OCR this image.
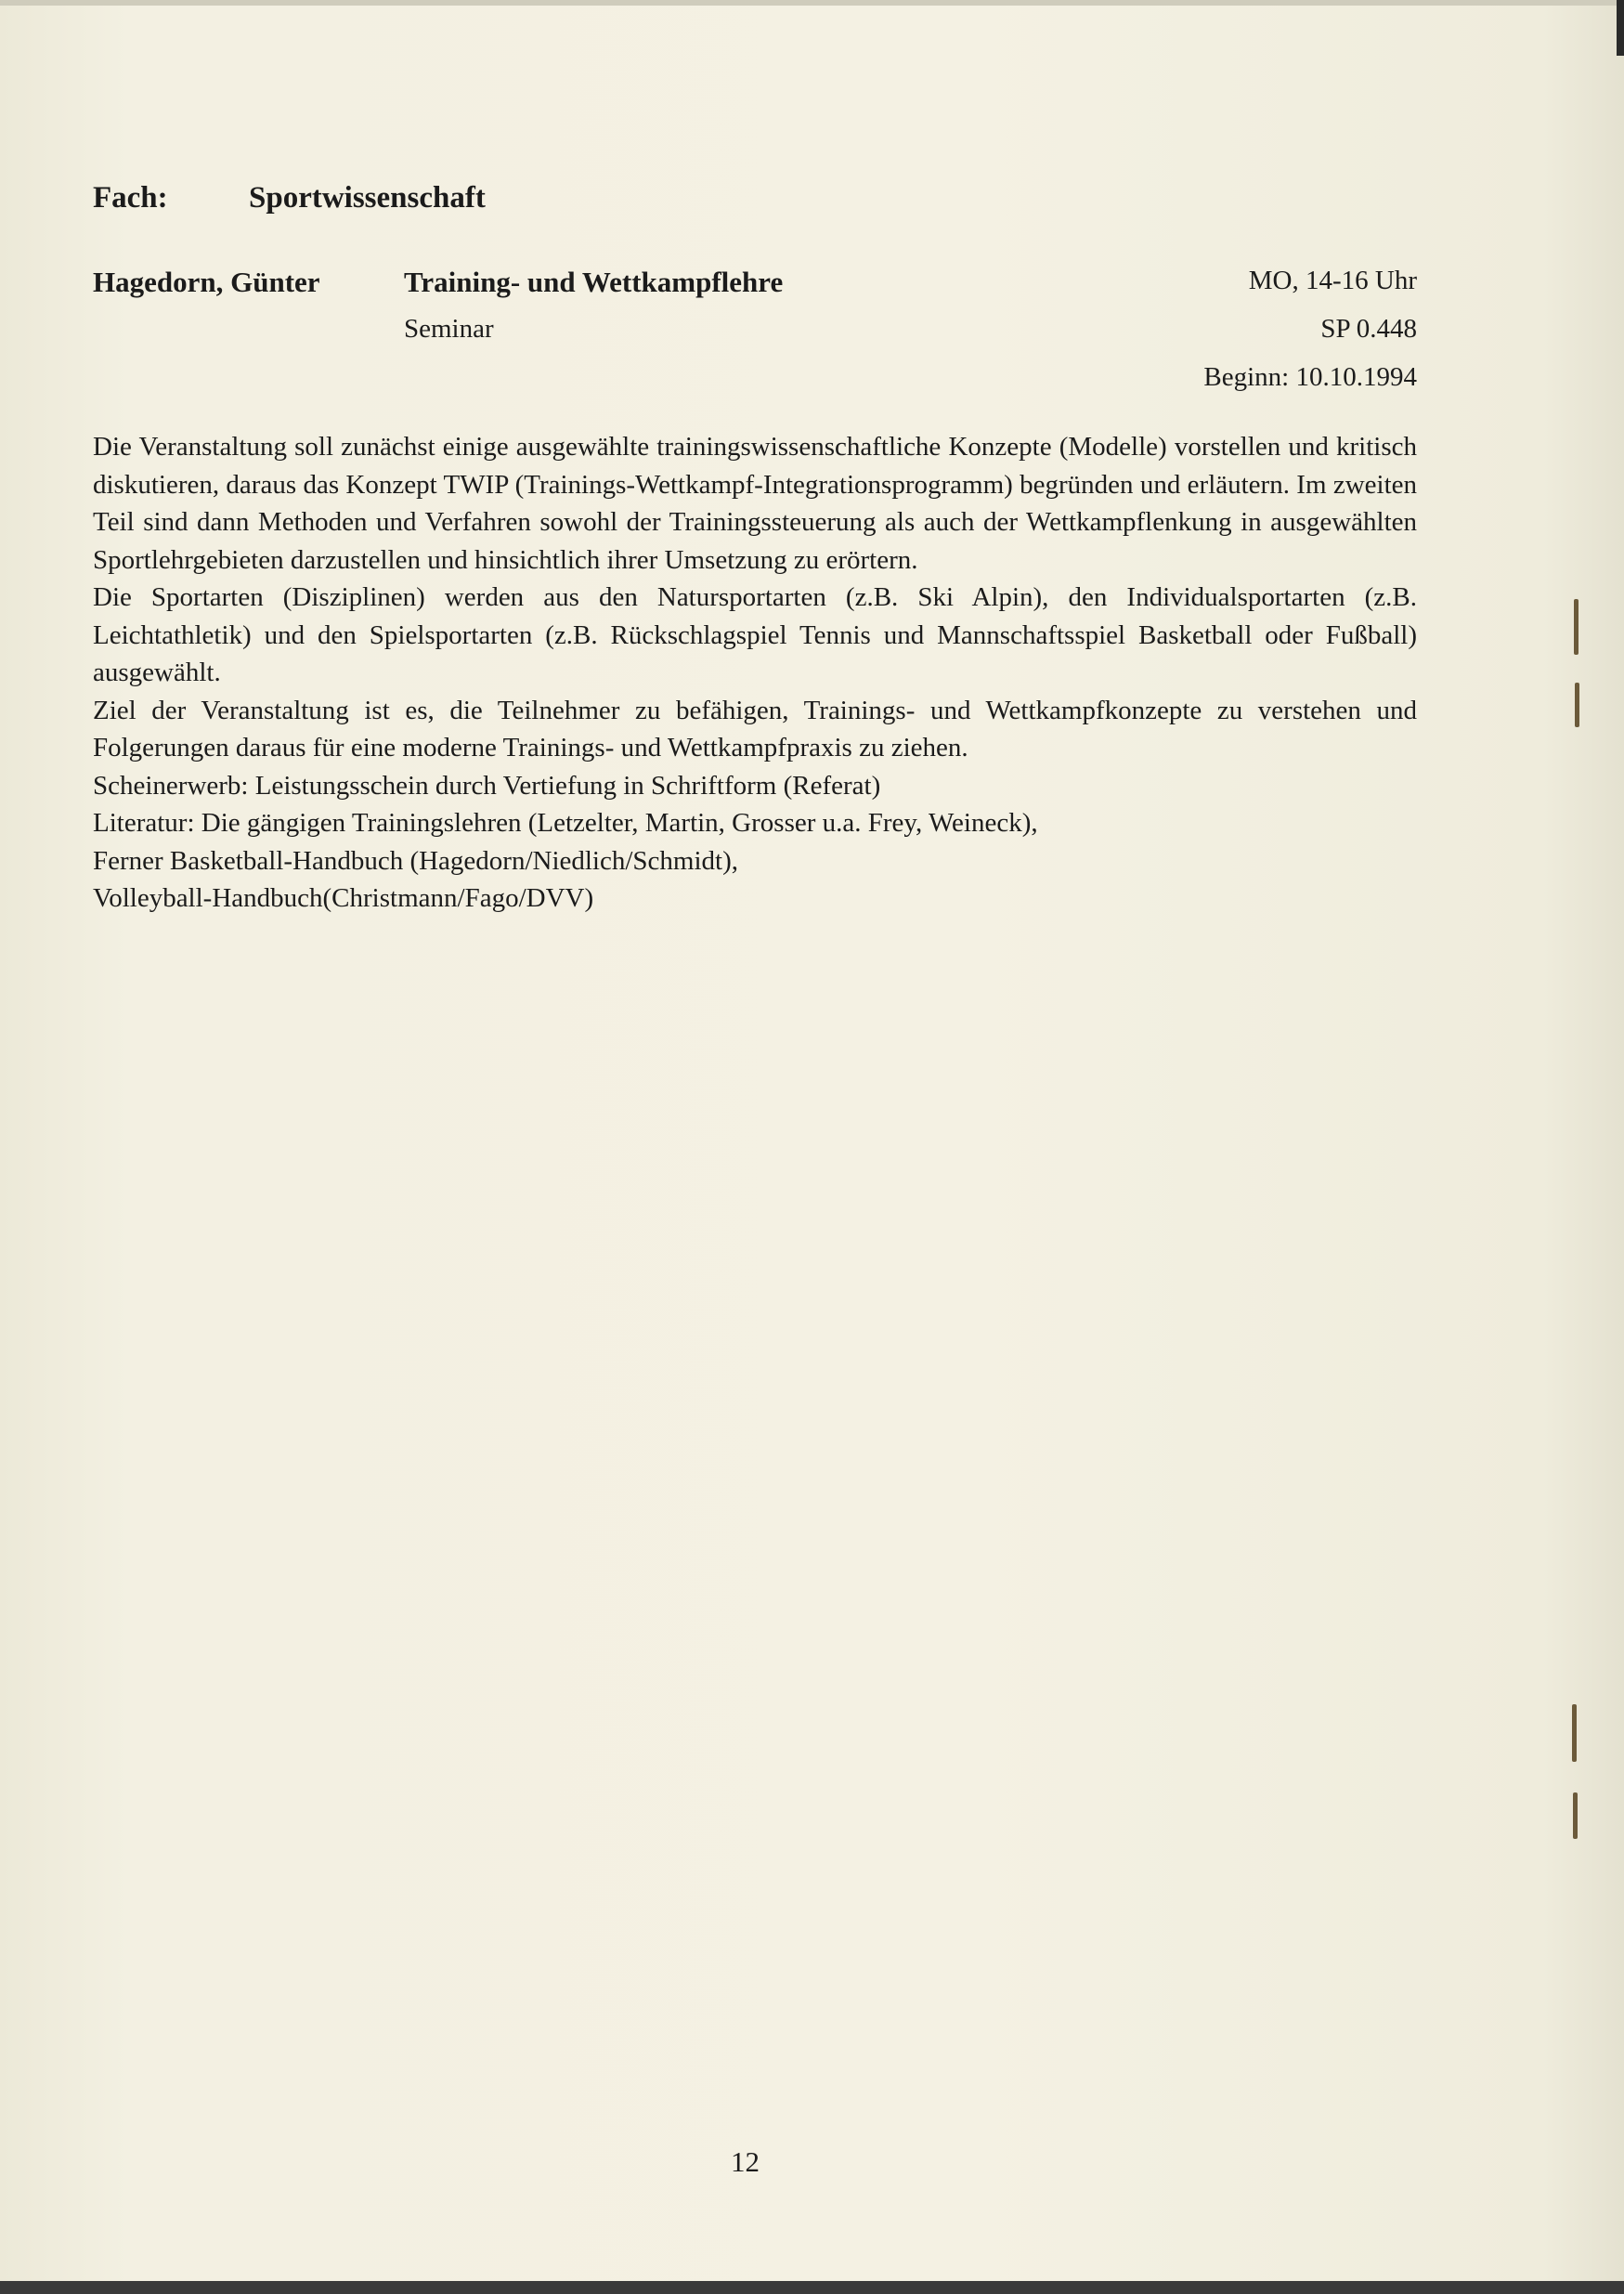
Fach:	Sportwissenschaft
Hagedorn, Günter	Training- und Wettkampflehre
Seminar
MO, 14-16 Uhr
SP 0.448
Beginn: 10.10.1994

Die Veranstaltung soll zunächst einige ausgewählte trainingswissenschaftliche Konzepte (Modelle) vorstellen und kritisch diskutieren, daraus das Konzept TWIP (Trainings-Wettkampf-Integrationsprogramm) begründen und erläutern. Im zweiten Teil sind dann Methoden und Verfahren sowohl der Trainingssteuerung als auch der Wettkampflenkung in ausgewählten Sportlehrgebieten darzustellen und hinsichtlich ihrer Umsetzung zu erörtern.

Die Sportarten (Disziplinen) werden aus den Natursportarten (z.B. Ski Alpin), den Individualsportarten (z.B. Leichtathletik) und den Spielsportarten (z.B. Rückschlagspiel Tennis und Mannschaftsspiel Basketball oder Fußball) ausgewählt.

Ziel der Veranstaltung ist es, die Teilnehmer zu befähigen, Trainings- und Wettkampfkonzepte zu verstehen und Folgerungen daraus für eine moderne Trainings- und Wettkampfpraxis zu ziehen.

Scheinerwerb: Leistungsschein durch Vertiefung in Schriftform (Referat)

Literatur: Die gängigen Trainingslehren (Letzelter, Martin, Grosser u.a. Frey, Weineck),

Ferner Basketball-Handbuch (Hagedorn/Niedlich/Schmidt),

Volleyball-Handbuch(Christmann/Fago/DVV)

12
